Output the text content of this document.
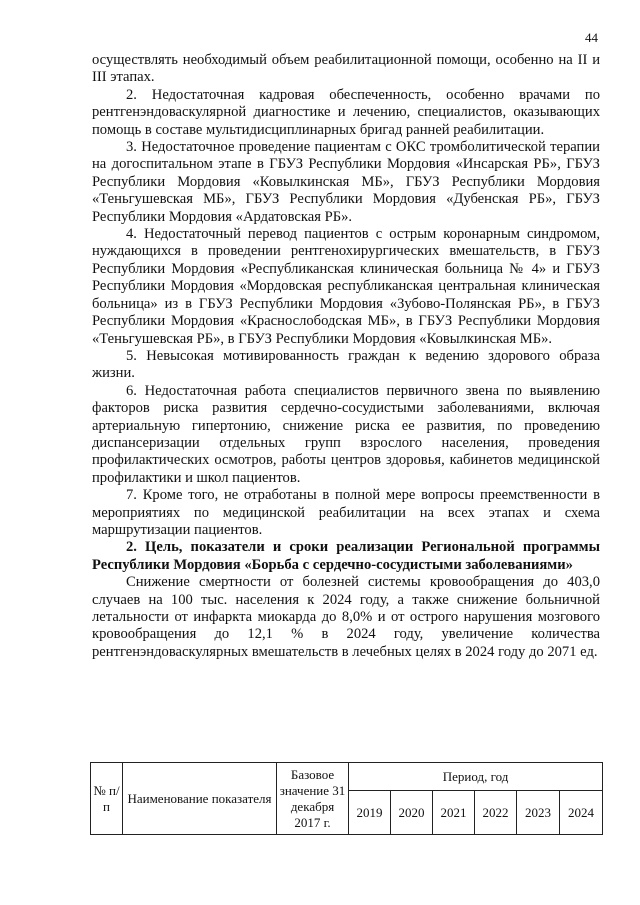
44

осуществлять необходимый объем реабилитационной помощи, особенно на II и III этапах.

2. Недостаточная кадровая обеспеченность, особенно врачами по рентгенэндоваскулярной диагностике и лечению, специалистов, оказывающих помощь в составе мультидисциплинарных бригад ранней реабилитации.

3. Недостаточное проведение пациентам с ОКС тромболитической терапии на догоспитальном этапе в ГБУЗ Республики Мордовия «Инсарская РБ», ГБУЗ Республики Мордовия «Ковылкинская МБ», ГБУЗ Республики Мордовия «Теньгушевская МБ», ГБУЗ Республики Мордовия «Дубенская РБ», ГБУЗ Республики Мордовия «Ардатовская РБ».

4. Недостаточный перевод пациентов с острым коронарным синдромом, нуждающихся в проведении рентгенохирургических вмешательств, в ГБУЗ Республики Мордовия «Республиканская клиническая больница № 4» и ГБУЗ Республики Мордовия «Мордовская республиканская центральная клиническая больница» из в ГБУЗ Республики Мордовия «Зубово-Полянская РБ», в ГБУЗ Республики Мордовия «Краснослободская МБ», в ГБУЗ Республики Мордовия «Теньгушевская РБ», в ГБУЗ Республики Мордовия «Ковылкинская МБ».

5. Невысокая мотивированность граждан к ведению здорового образа жизни.

6. Недостаточная работа специалистов первичного звена по выявлению факторов риска развития сердечно-сосудистыми заболеваниями, включая артериальную гипертонию, снижение риска ее развития, по проведению диспансеризации отдельных групп взрослого населения, проведения профилактических осмотров, работы центров здоровья, кабинетов медицинской профилактики и школ пациентов.

7. Кроме того, не отработаны в полной мере вопросы преемственности в мероприятиях по медицинской реабилитации на всех этапах и схема маршрутизации пациентов.

2. Цель, показатели и сроки реализации Региональной программы Республики Мордовия «Борьба с сердечно-сосудистыми заболеваниями»

Снижение смертности от болезней системы кровообращения до 403,0 случаев на 100 тыс. населения к 2024 году, а также снижение больничной летальности от инфаркта миокарда до 8,0% и от острого нарушения мозгового кровообращения до 12,1 % в 2024 году, увеличение количества рентгенэндоваскулярных вмешательств в лечебных целях в 2024 году до 2071 ед.

№ п/п	Наименование показателя	Базовое значение 31 декабря 2017 г.	Период, год					
			2019	2020	2021	2022	2023	2024
